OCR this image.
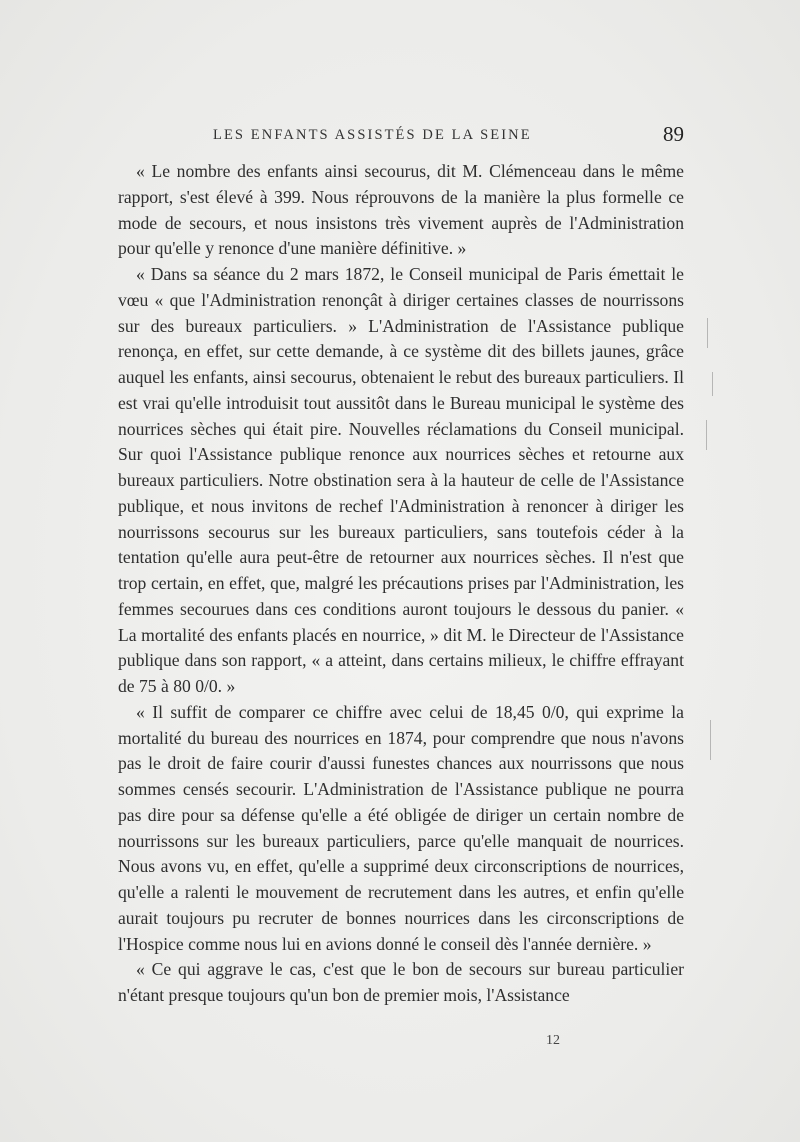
LES ENFANTS ASSISTÉS DE LA SEINE	89

« Le nombre des enfants ainsi secourus, dit M. Clémenceau dans le même rapport, s'est élevé à 399. Nous réprouvons de la manière la plus formelle ce mode de secours, et nous insistons très vivement auprès de l'Administration pour qu'elle y renonce d'une manière définitive. »

« Dans sa séance du 2 mars 1872, le Conseil municipal de Paris émettait le vœu « que l'Administration renonçât à diriger certaines classes de nourrissons sur des bureaux particuliers. » L'Administration de l'Assistance publique renonça, en effet, sur cette demande, à ce système dit des billets jaunes, grâce auquel les enfants, ainsi secourus, obtenaient le rebut des bureaux particuliers. Il est vrai qu'elle introduisit tout aussitôt dans le Bureau municipal le système des nourrices sèches qui était pire. Nouvelles réclamations du Conseil municipal. Sur quoi l'Assistance publique renonce aux nourrices sèches et retourne aux bureaux particuliers. Notre obstination sera à la hauteur de celle de l'Assistance publique, et nous invitons de rechef l'Administration à renoncer à diriger les nourrissons secourus sur les bureaux particuliers, sans toutefois céder à la tentation qu'elle aura peut-être de retourner aux nourrices sèches. Il n'est que trop certain, en effet, que, malgré les précautions prises par l'Administration, les femmes secourues dans ces conditions auront toujours le dessous du panier. « La mortalité des enfants placés en nourrice, » dit M. le Directeur de l'Assistance publique dans son rapport, « a atteint, dans certains milieux, le chiffre effrayant de 75 à 80 0/0. »

« Il suffit de comparer ce chiffre avec celui de 18,45 0/0, qui exprime la mortalité du bureau des nourrices en 1874, pour comprendre que nous n'avons pas le droit de faire courir d'aussi funestes chances aux nourrissons que nous sommes censés secourir. L'Administration de l'Assistance publique ne pourra pas dire pour sa défense qu'elle a été obligée de diriger un certain nombre de nourrissons sur les bureaux particuliers, parce qu'elle manquait de nourrices. Nous avons vu, en effet, qu'elle a supprimé deux circonscriptions de nourrices, qu'elle a ralenti le mouvement de recrutement dans les autres, et enfin qu'elle aurait toujours pu recruter de bonnes nourrices dans les circonscriptions de l'Hospice comme nous lui en avions donné le conseil dès l'année dernière. »

« Ce qui aggrave le cas, c'est que le bon de secours sur bureau particulier n'étant presque toujours qu'un bon de premier mois, l'Assistance

12
